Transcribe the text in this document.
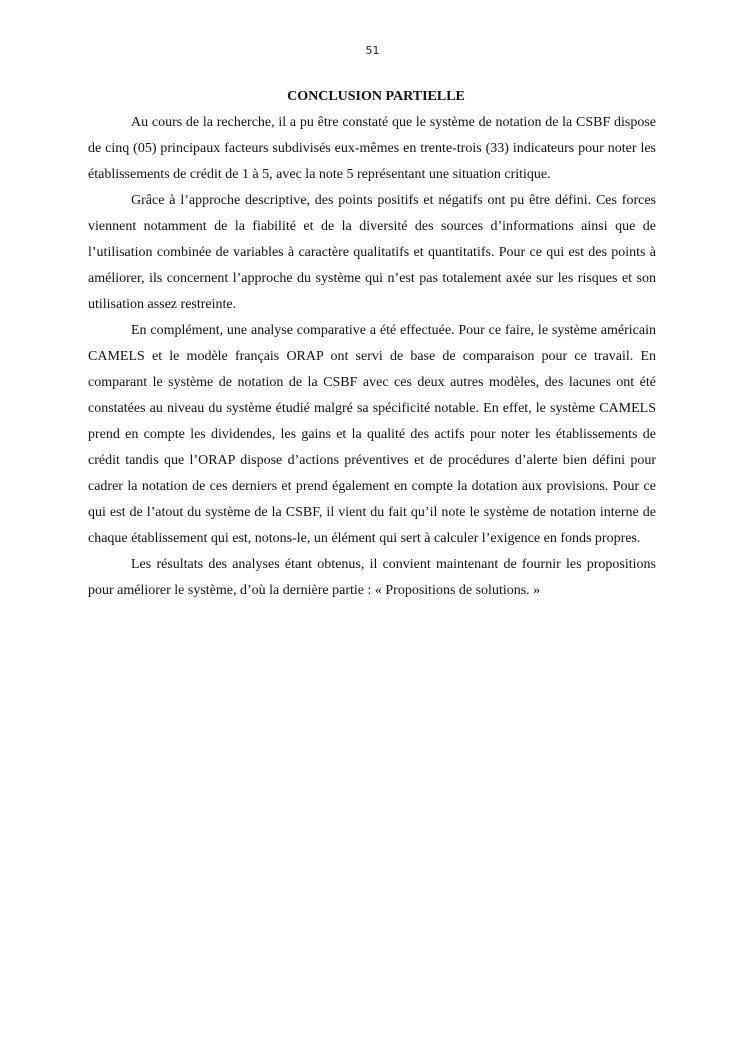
51
CONCLUSION PARTIELLE

Au cours de la recherche, il a pu être constaté que le système de notation de la CSBF dispose de cinq (05) principaux facteurs subdivisés eux-mêmes en trente-trois (33) indicateurs pour noter les établissements de crédit de 1 à 5, avec la note 5 représentant une situation critique.

Grâce à l’approche descriptive, des points positifs et négatifs ont pu être défini. Ces forces viennent notamment de la fiabilité et de la diversité des sources d’informations ainsi que de l’utilisation combinée de variables à caractère qualitatifs et quantitatifs. Pour ce qui est des points à améliorer, ils concernent l’approche du système qui n’est pas totalement axée sur les risques et son utilisation assez restreinte.

En complément, une analyse comparative a été effectuée. Pour ce faire, le système américain CAMELS et le modèle français ORAP ont servi de base de comparaison pour ce travail. En comparant le système de notation de la CSBF avec ces deux autres modèles, des lacunes ont été constatées au niveau du système étudié malgré sa spécificité notable. En effet, le système CAMELS prend en compte les dividendes, les gains et la qualité des actifs pour noter les établissements de crédit tandis que l’ORAP dispose d’actions préventives et de procédures d’alerte bien défini pour cadrer la notation de ces derniers et prend également en compte la dotation aux provisions. Pour ce qui est de l’atout du système de la CSBF, il vient du fait qu’il note le système de notation interne de chaque établissement qui est, notons-le, un élément qui sert à calculer l’exigence en fonds propres.

Les résultats des analyses étant obtenus, il convient maintenant de fournir les propositions pour améliorer le système, d’où la dernière partie : « Propositions de solutions. »
